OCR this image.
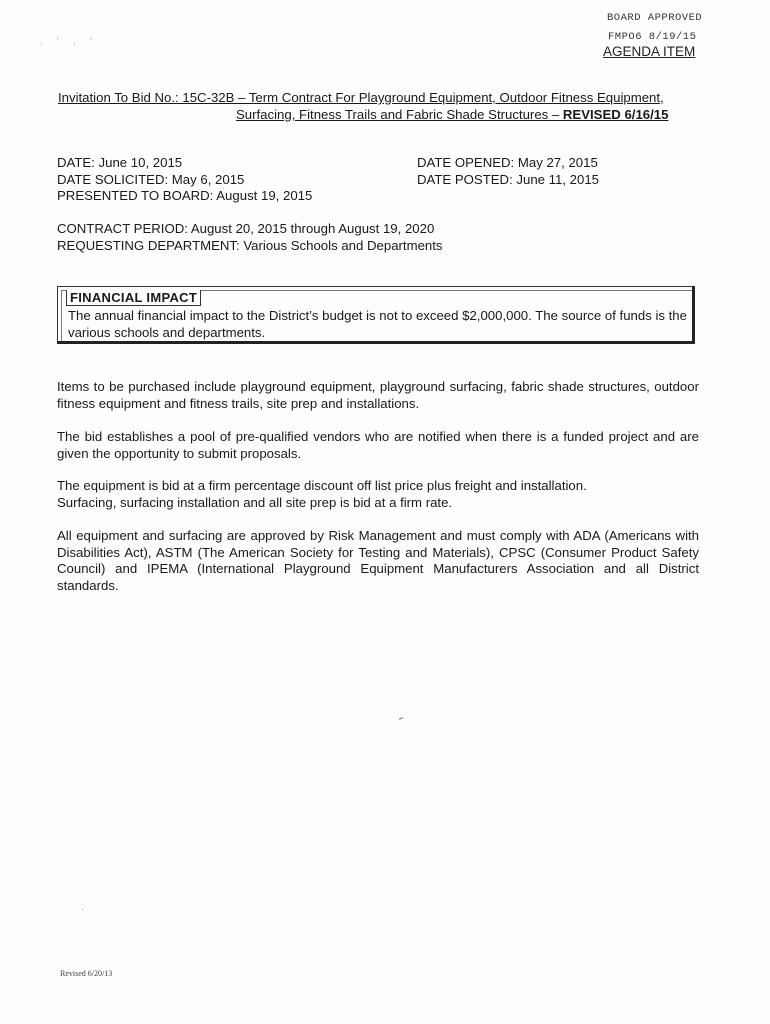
. ' . '
BOARD APPROVED
FMPO6 8/19/15
AGENDA ITEM
Invitation To Bid No.: 15C-32B – Term Contract For Playground Equipment, Outdoor Fitness Equipment,
Surfacing, Fitness Trails and Fabric Shade Structures – REVISED 6/16/15
DATE: June 10, 2015
DATE SOLICITED: May 6, 2015
PRESENTED TO BOARD: August 19, 2015
DATE OPENED: May 27, 2015
DATE POSTED: June 11, 2015
CONTRACT PERIOD: August 20, 2015 through August 19, 2020
REQUESTING DEPARTMENT: Various Schools and Departments
FINANCIAL IMPACT
The annual financial impact to the District’s budget is not to exceed $2,000,000. The source of funds is the various schools and departments.
Items to be purchased include playground equipment, playground surfacing, fabric shade structures, outdoor fitness equipment and fitness trails, site prep and installations.
The bid establishes a pool of pre-qualified vendors who are notified when there is a funded project and are given the opportunity to submit proposals.
The equipment is bid at a firm percentage discount off list price plus freight and installation.
Surfacing, surfacing installation and all site prep is bid at a firm rate.
All equipment and surfacing are approved by Risk Management and must comply with ADA (Americans with Disabilities Act), ASTM (The American Society for Testing and Materials), CPSC (Consumer Product Safety Council) and IPEMA (International Playground Equipment Manufacturers Association and all District standards.
Revised 6/20/13
